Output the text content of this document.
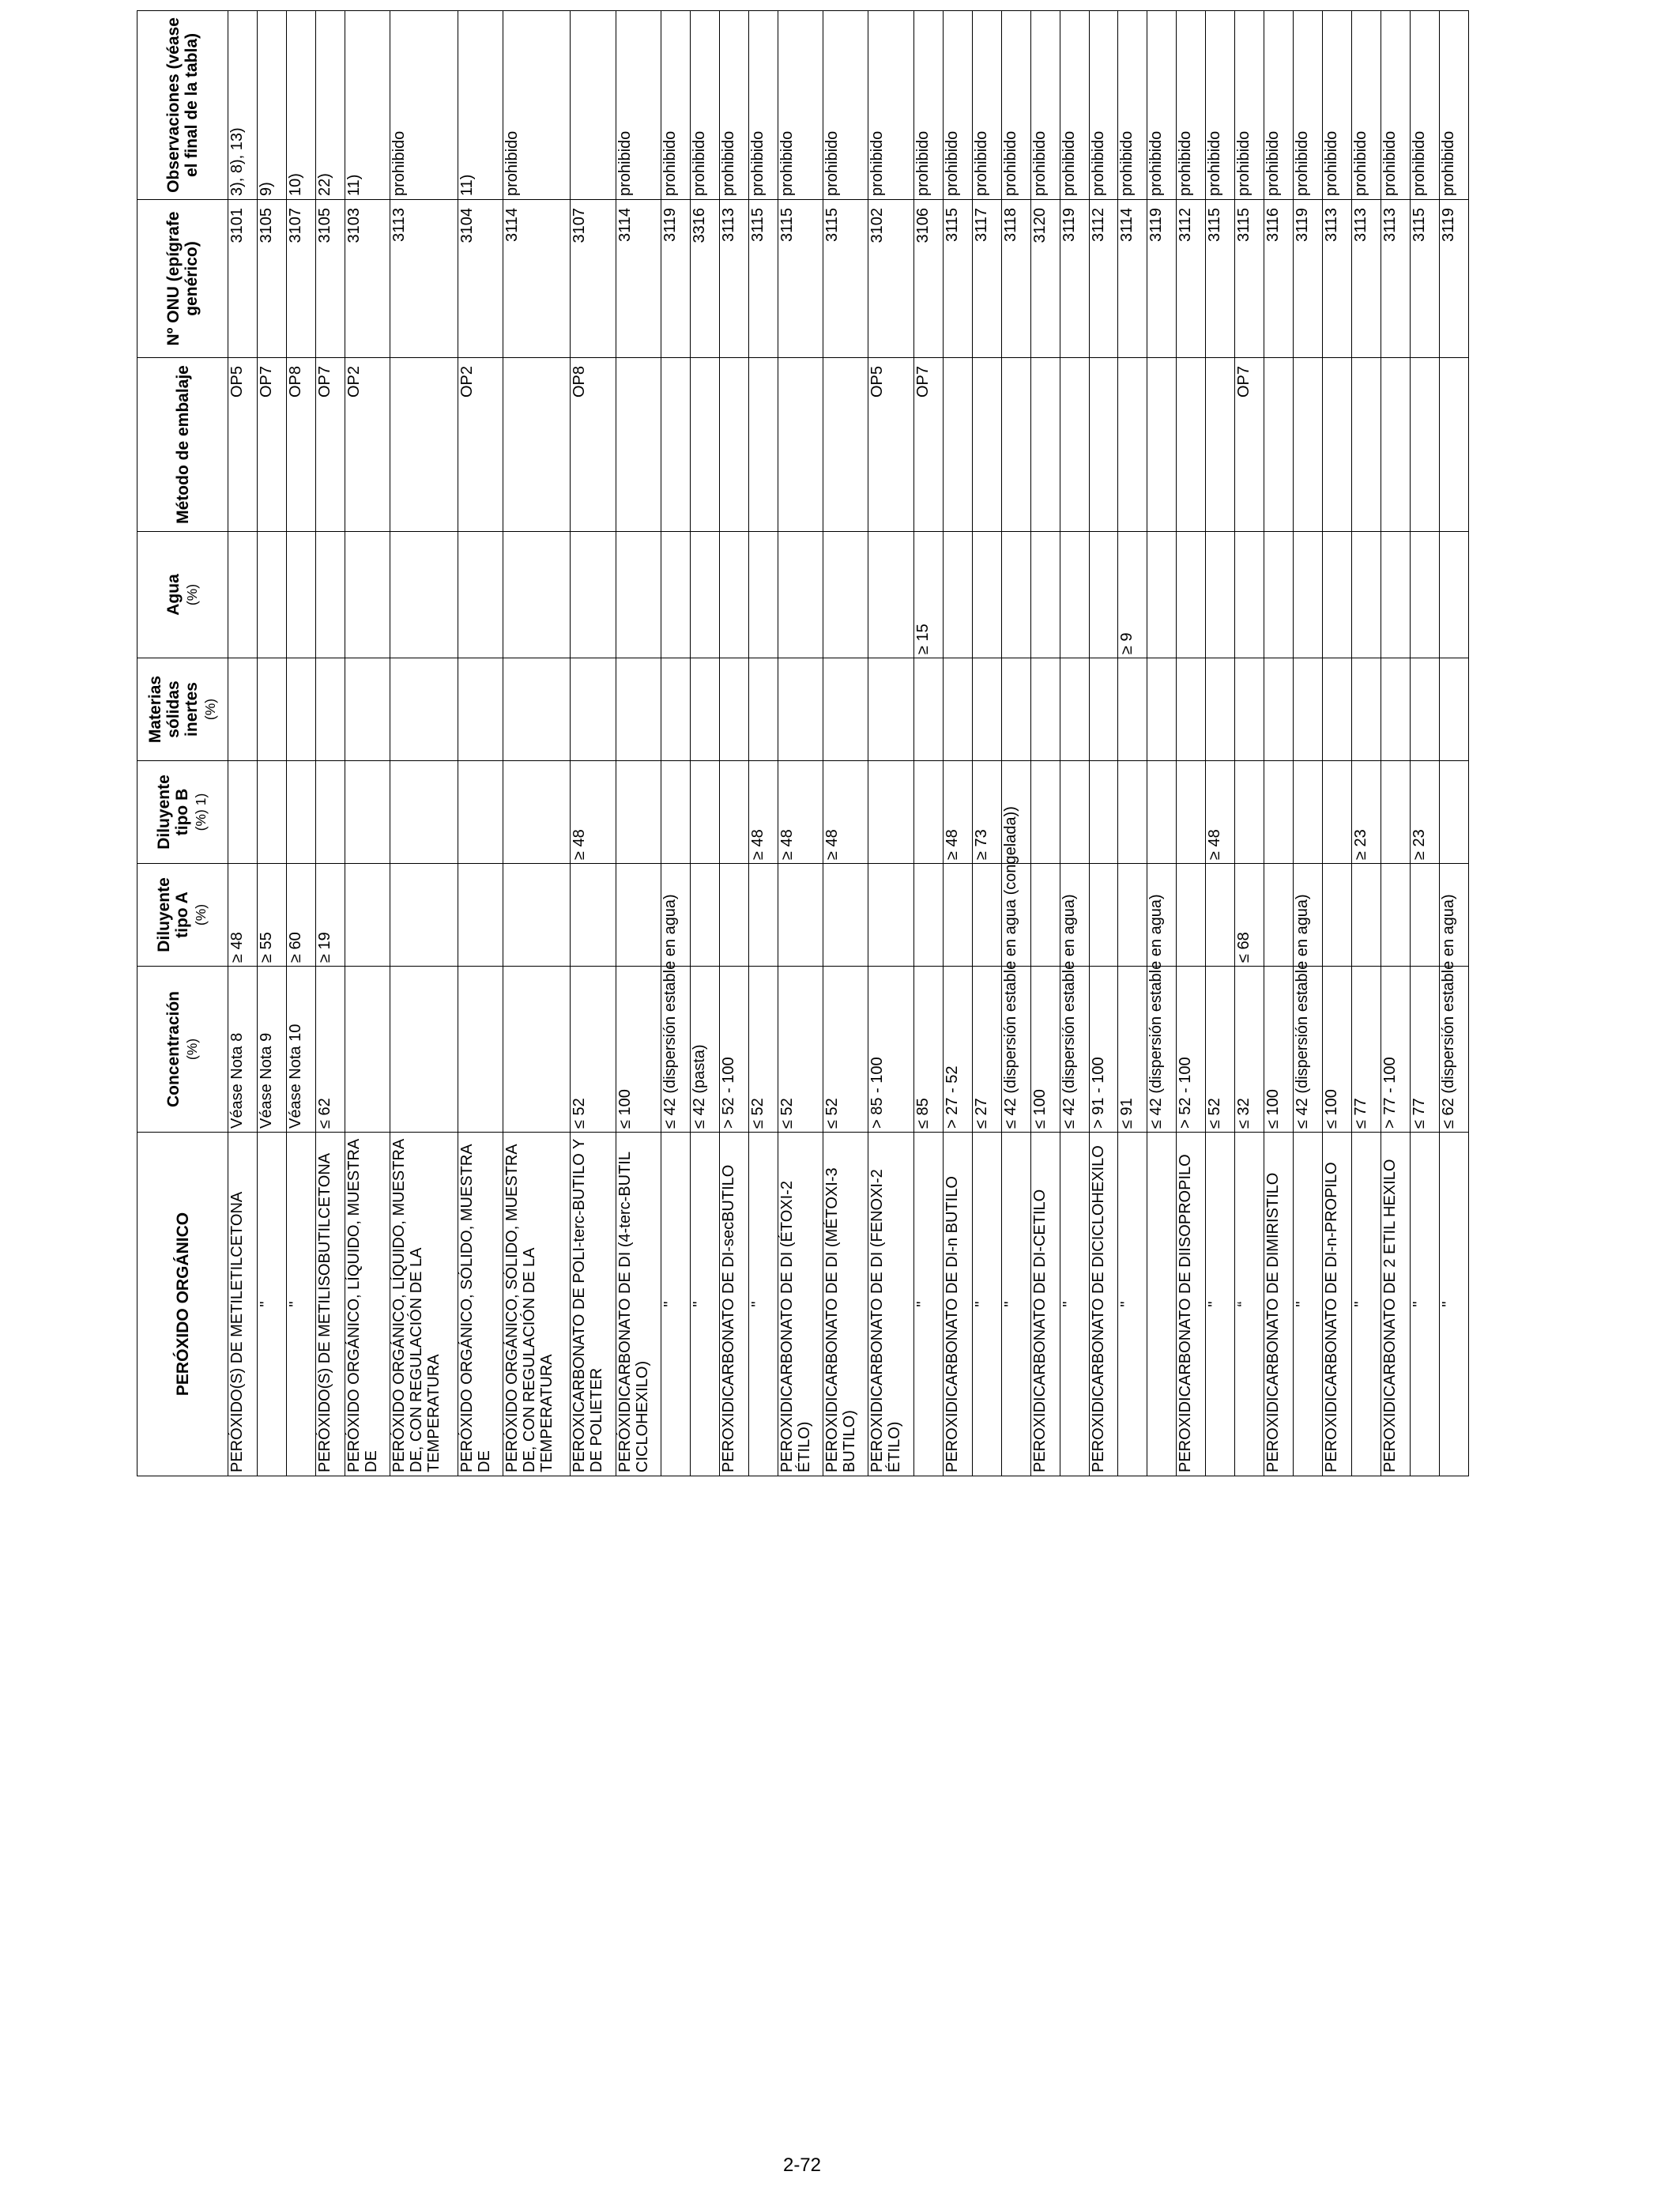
PERÓXIDO ORGÁNICO	Concentración (%)	Diluyente tipo A (%)	Diluyente tipo B (%) 1)	Materias sólidas inertes (%)	Agua (%)	Método de embalaje	Nº ONU (epígrafe genérico)	Observaciones (véase el final de la tabla)
PERÓXIDO(S) DE METILETILCETONA	Véase Nota 8	≥ 48				OP5	3101	3), 8), 13)
"	Véase Nota 9	≥ 55				OP7	3105	9)
"	Véase Nota 10	≥ 60				OP8	3107	10)
PERÓXIDO(S) DE METILISOBUTILCETONA	≤ 62	≥ 19				OP7	3105	22)
PERÓXIDO ORGÁNICO, LÍQUIDO, MUESTRA DE						OP2	3103	11)
PERÓXIDO ORGÁNICO, LÍQUIDO, MUESTRA DE, CON REGULACIÓN DE LA TEMPERATURA							3113	prohibido
PERÓXIDO ORGÁNICO, SÓLIDO, MUESTRA DE						OP2	3104	11)
PERÓXIDO ORGÁNICO, SÓLIDO, MUESTRA DE, CON REGULACIÓN DE LA TEMPERATURA							3114	prohibido
PEROXICARBONATO DE POLI-terc-BUTILO Y DE POLIETER	≤ 52		≥ 48			OP8	3107	
PERÓXIDICARBONATO DE DI (4-terc-BUTIL CICLOHEXILO)	≤ 100						3114	prohibido
"	≤ 42 (dispersión estable en agua)						3119	prohibido
"	≤ 42 (pasta)						3316	prohibido
PEROXIDICARBONATO DE DI-secBUTILO	> 52 - 100						3113	prohibido
"	≤ 52		≥ 48				3115	prohibido
PEROXIDICARBONATO DE DI (ÉTOXI-2 ÉTILO)	≤ 52		≥ 48				3115	prohibido
PEROXIDICARBONATO DE DI (MÉTOXI-3 BUTILO)	≤ 52		≥ 48				3115	prohibido
PEROXIDICARBONATO DE DI (FENOXI-2 ÉTILO)	> 85 - 100					OP5	3102	prohibido
"	≤ 85				≥ 15	OP7	3106	prohibido
PEROXIDICARBONATO DE DI-n BUTILO	> 27 - 52		≥ 48				3115	prohibido
"	≤ 27		≥ 73				3117	prohibido
"	≤ 42 (dispersión estable en agua (congelada))						3118	prohibido
PEROXIDICARBONATO DE DI-CETILO	≤ 100						3120	prohibido
"	≤ 42 (dispersión estable en agua)						3119	prohibido
PEROXIDICARBONATO DE DICICLOHEXILO	> 91 - 100						3112	prohibido
"	≤ 91				≥ 9		3114	prohibido
	≤ 42 (dispersión estable en agua)						3119	prohibido
PEROXIDICARBONATO DE DIISOPROPILO	> 52 - 100						3112	prohibido
"	≤ 52		≥ 48				3115	prohibido
“	≤ 32	≤ 68				OP7	3115	prohibido
PEROXIDICARBONATO DE DIMIRISTILO	≤ 100						3116	prohibido
"	≤ 42 (dispersión estable en agua)						3119	prohibido
PEROXIDICARBONATO DE DI-n-PROPILO	≤ 100						3113	prohibido
"	≤ 77		≥ 23				3113	prohibido
PEROXIDICARBONATO DE 2 ETIL HEXILO	> 77 - 100						3113	prohibido
"	≤ 77		≥ 23				3115	prohibido
"	≤ 62 (dispersión estable en agua)						3119	prohibido
2-72
